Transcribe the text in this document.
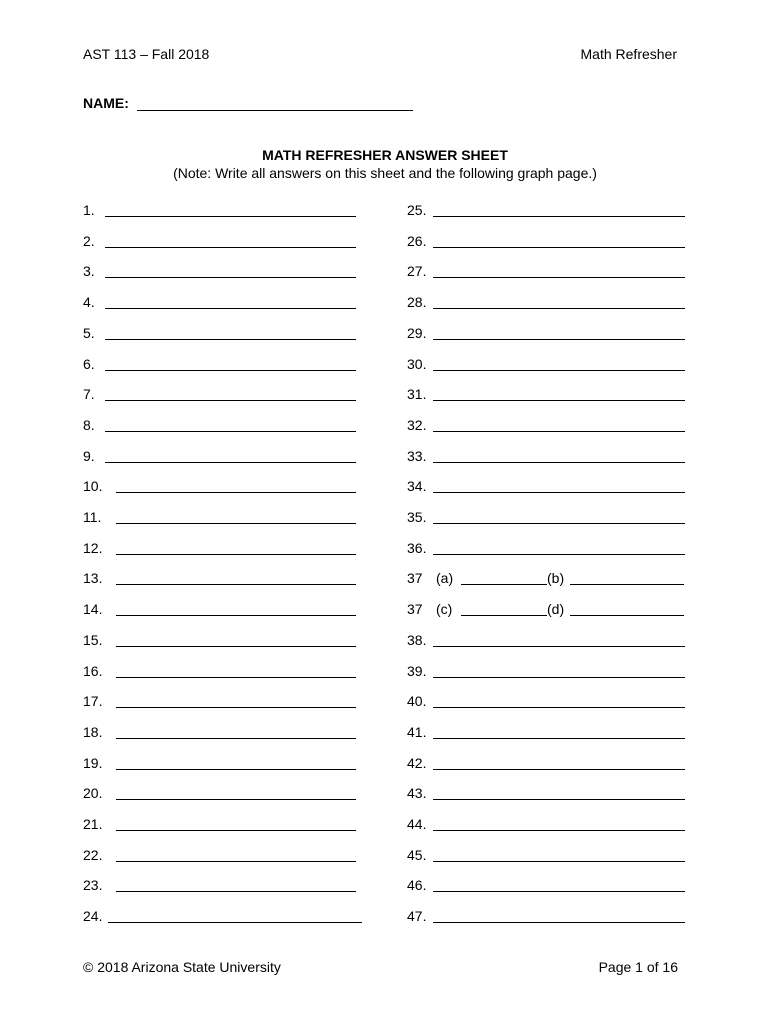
AST 113 – Fall 2018	Math Refresher
NAME:
MATH REFRESHER ANSWER SHEET
(Note: Write all answers on this sheet and the following graph page.)
1.
2.
3.
4.
5.
6.
7.
8.
9.
10.
11.
12.
13.
14.
15.
16.
17.
18.
19.
20.
21.
22.
23.
24.
25.
26.
27.
28.
29.
30.
31.
32.
33.
34.
35.
36.
37 (a)	(b)
37 (c)	(d)
38.
39.
40.
41.
42.
43.
44.
45.
46.
47.
© 2018 Arizona State University	Page 1 of 16
